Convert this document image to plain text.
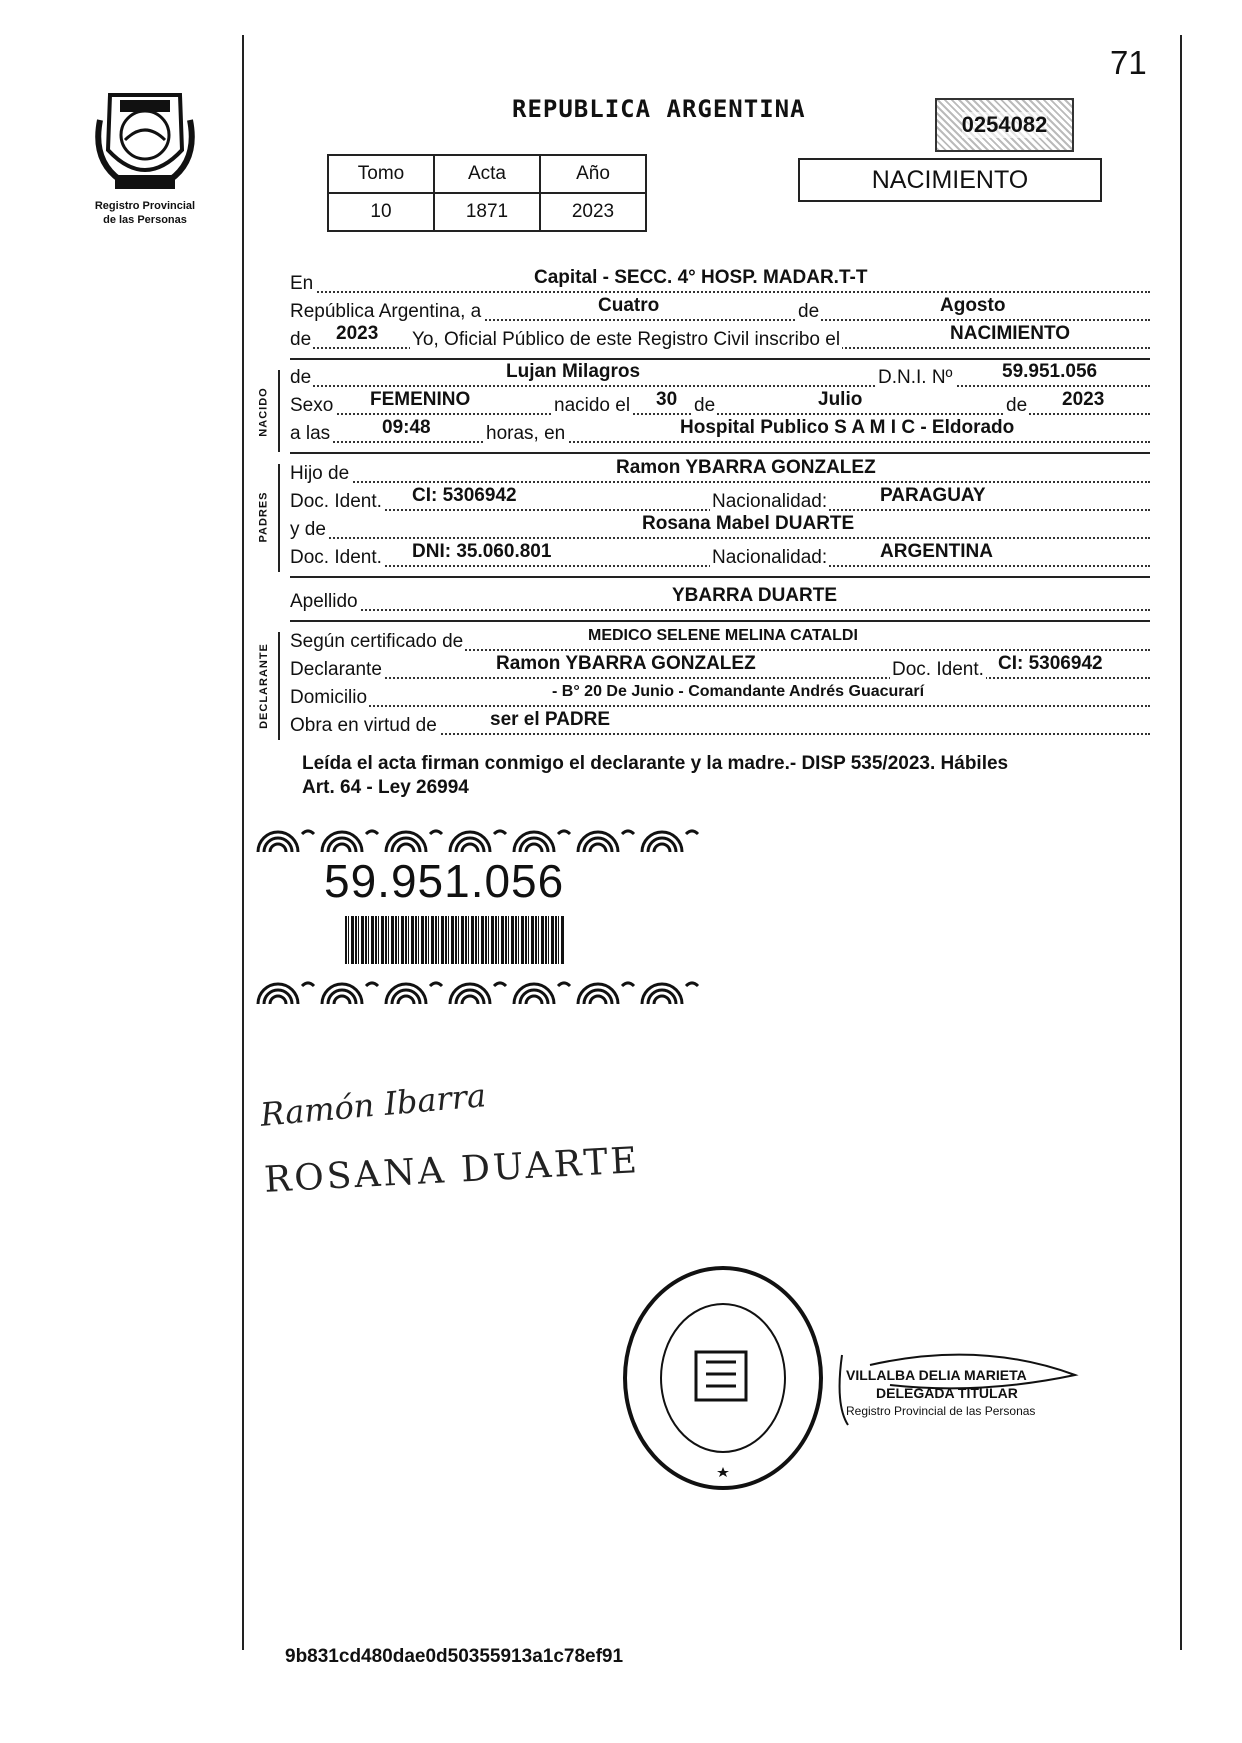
71
Registro Provincial
de las Personas
REPUBLICA ARGENTINA
0254082
Tomo	Acta	Año
10	1871	2023
NACIMIENTO
En	Capital - SECC. 4° HOSP. MADAR.T-T
República Argentina, a	Cuatro	de	Agosto
de 2023 Yo, Oficial Público de este Registro Civil inscribo el	NACIMIENTO
NACIDO
de	Lujan Milagros	D.N.I. Nº	59.951.056
Sexo FEMENINO	nacido el 30 de	Julio	de 2023
a las	09:48	horas, en	Hospital Publico S A M I C - Eldorado
PADRES
Hijo de	Ramon YBARRA GONZALEZ
Doc. Ident. CI: 5306942	Nacionalidad:	PARAGUAY
y de	Rosana Mabel DUARTE
Doc. Ident. DNI: 35.060.801	Nacionalidad:	ARGENTINA
Apellido	YBARRA DUARTE
DECLARANTE
Según certificado de	MEDICO SELENE MELINA CATALDI
Declarante	Ramon YBARRA GONZALEZ	Doc. Ident. CI: 5306942
Domicilio	- B° 20 De Junio - Comandante Andrés Guacurarí
Obra en virtud de	ser el PADRE
Leída el acta firman conmigo el declarante y la madre.- DISP 535/2023. Hábiles
Art. 64 - Ley 26994
59.951.056
Ramón Ibarra
ROSANA DUARTE
VILLALBA DELIA MARIETA
DELEGADA TITULAR
Registro Provincial de las Personas
9b831cd480dae0d50355913a1c78ef91
